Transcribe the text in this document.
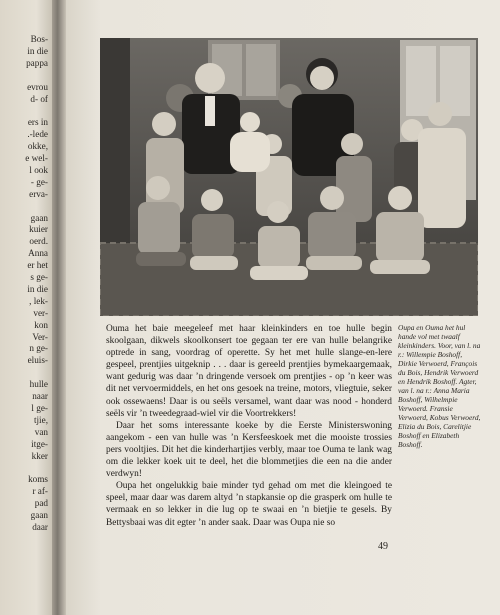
Bos-
in die
pappa
evrou
d- of
ers in
.-lede
okke,
e wel-
l ook
- ge-
erva-
gaan
kuier
oerd.
Anna
er het
s ge-
in die
, lek-
ver-
kon
Ver-
n ge-
eluis-
hulle
naar
l ge-
tjie,
van
itge-
kker
koms
r af-
pad
gaan
daar

Ouma het baie meegeleef met haar kleinkinders en toe hulle begin skoolgaan, dikwels skoolkonsert toe gegaan ter ere van hulle belangrike optrede in sang, voordrag of operette. Sy het met hulle slange-en-lere gespeel, prentjies uitgeknip . . . daar is gereeld prentjies bymekaargemaak, want gedurig was daar ’n dringende versoek om prentjies - op ’n keer was dit net vervoermiddels, en het ons gesoek na treine, motors, vliegtuie, seker ook ossewaens! Daar is ou seëls versamel, want daar was nood - honderd seëls vir ’n tweedegraad-wiel vir die Voortrekkers!

Daar het soms interessante koeke by die Eerste Ministerswoning aangekom - een van hulle was ’n Kersfeeskoek met die mooiste trossies pers vooltjies. Dit het die kinderhartjies verbly, maar toe Ouma te lank wag om die lekker koek uit te deel, het die blommetjies die een na die ander verdwyn!

Oupa het ongelukkig baie minder tyd gehad om met die kleingoed te speel, maar daar was darem altyd ’n stapkansie op die grasperk om hulle te vermaak en so lekker in die lug op te swaai en ’n bietjie te gesels. By Bettysbaai was dit egter ’n ander saak. Daar was Oupa nie so

Oupa en Ouma het hul hande vol met twaalf kleinkinders. Voor, van l. na r.: Willempie Boshoff, Dirkie Verwoerd, François du Bois, Hendrik Verwoerd en Hendrik Boshoff. Agter, van l. na r.: Anna Maria Boshoff, Wilhelmpie Verwoerd. Fransie Verwoerd, Kobus Verwoerd, Elizia du Bois, Carelitjie Boshoff en Elizabeth Boshoff.
49
